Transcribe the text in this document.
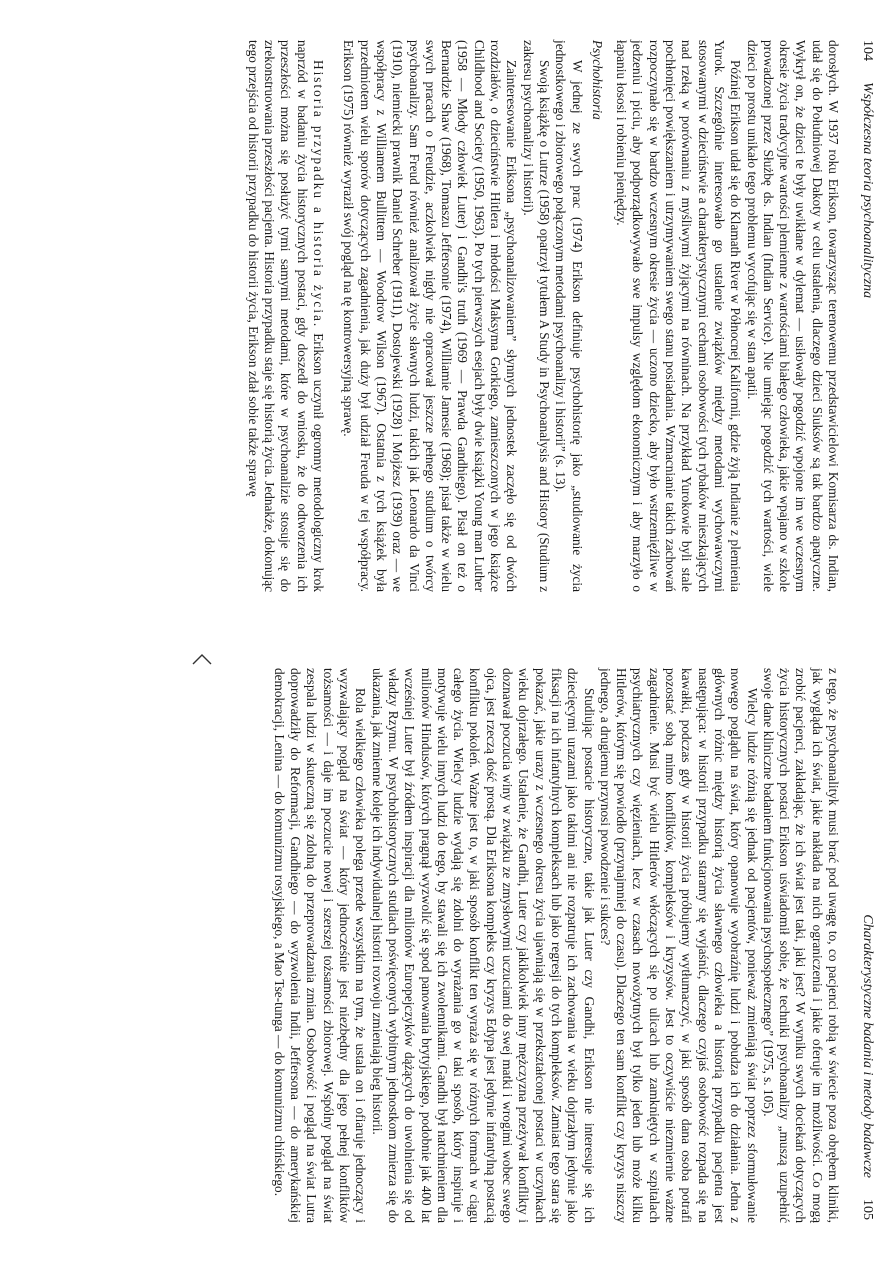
104
Współczesna teoria psychoanalityczna

dorosłych. W 1937 roku Erikson, towarzysząc terenowemu przedstawicielowi Komisarza ds. Indian, udał się do Południowej Dakoty w celu ustalenia, dlaczego dzieci Siuksów są tak bardzo apatyczne. Wykrył on, że dzieci te były uwikłane w dylemat — usiłowały pogodzić wpojone im we wczesnym okresie życia tradycyjne wartości plemienne z wartościami białego człowieka, jakie wpajano w szkole prowadzonej przez Służbę ds. Indian (Indian Service). Nie umiejąc pogodzić tych wartości, wiele dzieci po prostu unikało tego problemu wycofując się w stan apatii.

Później Erikson udał się do Klamath River w Północnej Kalifornii, gdzie żyją Indianie z plemienia Yurok. Szczególnie interesowało go ustalenie związków między metodami wychowawczymi stosowanymi w dzieciństwie a charakterystycznymi cechami osobowości tych rybaków mieszkających nad rzeką w porównaniu z myśliwymi żyjącymi na równinach. Na przykład Yurokowie byli stale pochłonięci powiększaniem i utrzymywaniem swego stanu posiadania. Wzmacnianie takich zachowań rozpoczynało się w bardzo wczesnym okresie życia — uczono dziecko, aby było wstrzemięźliwe w jedzeniu i piciu, aby podporządkowywało swe impulsy względom ekonomicznym i aby marzyło o łapaniu łososi i robieniu pieniędzy.

Psychohistoria

W jednej ze swych prac (1974) Erikson definiuje psychohistorię jako „studiowanie życia jednostkowego i zbiorowego połączonym metodami psychoanalizy i historii” (s. 13).

Swoją książkę o Lutrze (1958) opatrzył tytułem A Study in Psychoanalysis and History (Studium z zakresu psychoanalizy i historii).

Zainteresowanie Eriksona „psychoanalizowaniem” słynnych jednostek zaczęło się od dwóch rozdziałów, o dzieciństwie Hitlera i młodości Maksyma Gorkiego, zamieszczonych w jego książce Childhood and Society (1950, 1963). Po tych pierwszych esejach były dwie książki Young man Luther (1958 — Młody człowiek Luter) i Gandhi's truth (1969 — Prawda Gandhiego). Pisał on też o Bernardzie Shaw (1968), Tomaszu Jeffersonie (1974), Williamie Jamesie (1968); pisał także w wielu swych pracach o Freudzie, aczkolwiek nigdy nie opracował jeszcze pełnego studium o twórcy psychoanalizy. Sam Freud również analizował życie sławnych ludzi, takich jak Leonardo da Vinci (1910), niemiecki prawnik Daniel Schreber (1911), Dostojewski (1928) i Mojżesz (1939) oraz — we współpracy z Williamem Bullittem — Woodrow Wilson (1967). Ostatnia z tych książek była przedmiotem wielu sporów dotyczących zagadnienia, jak duży był udział Freuda w tej współpracy. Erikson (1975) również wyraził swój pogląd na tę kontrowersyjną sprawę.

Historia przypadku a historia życia. Erikson uczynił ogromny metodologiczny krok naprzód w badaniu życia historycznych postaci, gdy doszedł do wniosku, że do odtworzenia ich przeszłości można się posłużyć tymi samymi metodami, które w psychoanalizie stosuje się do zrekonstruowania przeszłości pacjenta. Historia przypadku staje się historią życia. Jednakże, dokonując tego przejścia od historii przypadku do historii życia, Erikson zdał sobie także sprawę

Charakterystyczne badania i metody badawcze
105

z tego, że psychoanalityk musi brać pod uwagę to, co pacjenci robią w świecie poza obrębem kliniki, jak wygląda ich świat, jakie nakłada na nich ograniczenia i jakie oferuje im możliwości. Co mogą zrobić pacjenci, zakładając, że ich świat jest taki, jaki jest? W wyniku swych dociekań dotyczących życia historycznych postaci Erikson uświadomił sobie, że techniki psychoanalizy „muszą uzupełnić swoje dane kliniczne badaniem funkcjonowania psychospołecznego” (1975, s. 105).

Wielcy ludzie różnią się jednak od pacjentów, ponieważ zmieniają świat poprzez sformułowanie nowego poglądu na świat, który opanowuje wyobraźnię ludzi i pobudza ich do działania. Jedna z głównych różnic między historią życia sławnego człowieka a historią przypadku pacjenta jest następująca: w historii przypadku staramy się wyjaśnić, dlaczego czyjaś osobowość rozpada się na kawałki, podczas gdy w historii życia próbujemy wytłumaczyć, w jaki sposób dana osoba potrafi pozostać sobą mimo konfliktów, kompleksów i kryzysów. Jest to oczywiście niezmiernie ważne zagadnienie. Musi być wielu Hitlerów włóczących się po ulicach lub zamkniętych w szpitalach psychiatrycznych czy więzieniach, lecz w czasach nowożytnych był tylko jeden lub może kilku Hitlerów, którym się powiodło (przynajmniej do czasu). Dlaczego ten sam konflikt czy kryzys niszczy jednego, a drugiemu przynosi powodzenie i sukces?

Studiując postacie historyczne, takie jak Luter czy Gandhi, Erikson nie interesuje się ich dziecięcymi urazami jako takimi ani nie rozpatruje ich zachowania w wieku dojrzałym jedynie jako fiksacji na ich infantylnych kompleksach lub jako regresji do tych kompleksów. Zamiast tego stara się pokazać, jakie urazy z wczesnego okresu życia ujawniają się w przekształconej postaci w uczynkach wieku dojrzałego. Ustalenie, że Gandhi, Luter czy jakikolwiek inny mężczyzna przeżywał konflikty i doznawał poczucia winy w związku ze zmysłowymi uczuciami do swej matki i wrogimi wobec swego ojca, jest rzeczą dość prostą. Dla Eriksona kompleks czy kryzys Edypa jest jedynie infantylną postacią konfliktu pokoleń. Ważne jest to, w jaki sposób konflikt ten wyraża się w różnych formach w ciągu całego życia. Wielcy ludzie wydają się zdolni do wyrażania go w taki sposób, który inspiruje i motywuje wielu innych ludzi do tego, by stawali się ich zwolennikami. Gandhi był natchnieniem dla milionów Hindusów, których pragnął wyzwolić się spod panowania brytyjskiego, podobnie jak 400 lat wcześniej Luter był źródłem inspiracji dla milionów Europejczyków dążących do uwolnienia się od władzy Rzymu. W psychohistorycznych studiach poświęconych wybitnym jednostkom zmierza się do ukazania, jak zmienne koleje ich indywidualnej historii rozwoju zmieniają bieg historii.

Rola wielkiego człowieka polega przede wszystkim na tym, że ustala on i ofiaruje jednoczący i wyzwalający pogląd na świat — który jednocześnie jest niezbędny dla jego pełnej konfliktów tożsamości — i daje im poczucie nowej i szerszej tożsamości zbiorowej. Wspólny pogląd na świat zespala ludzi w skuteczną się zdolną do przeprowadzania zmian. Osobowość i pogląd na świat Lutra doprowadziły do Reformacji, Gandhiego — do wyzwolenia Indii, Jeffersona — do amerykańskiej demokracji, Lenina — do komunizmu rosyjskiego, a Mao Tse-tunga — do komunizmu chińskiego.
